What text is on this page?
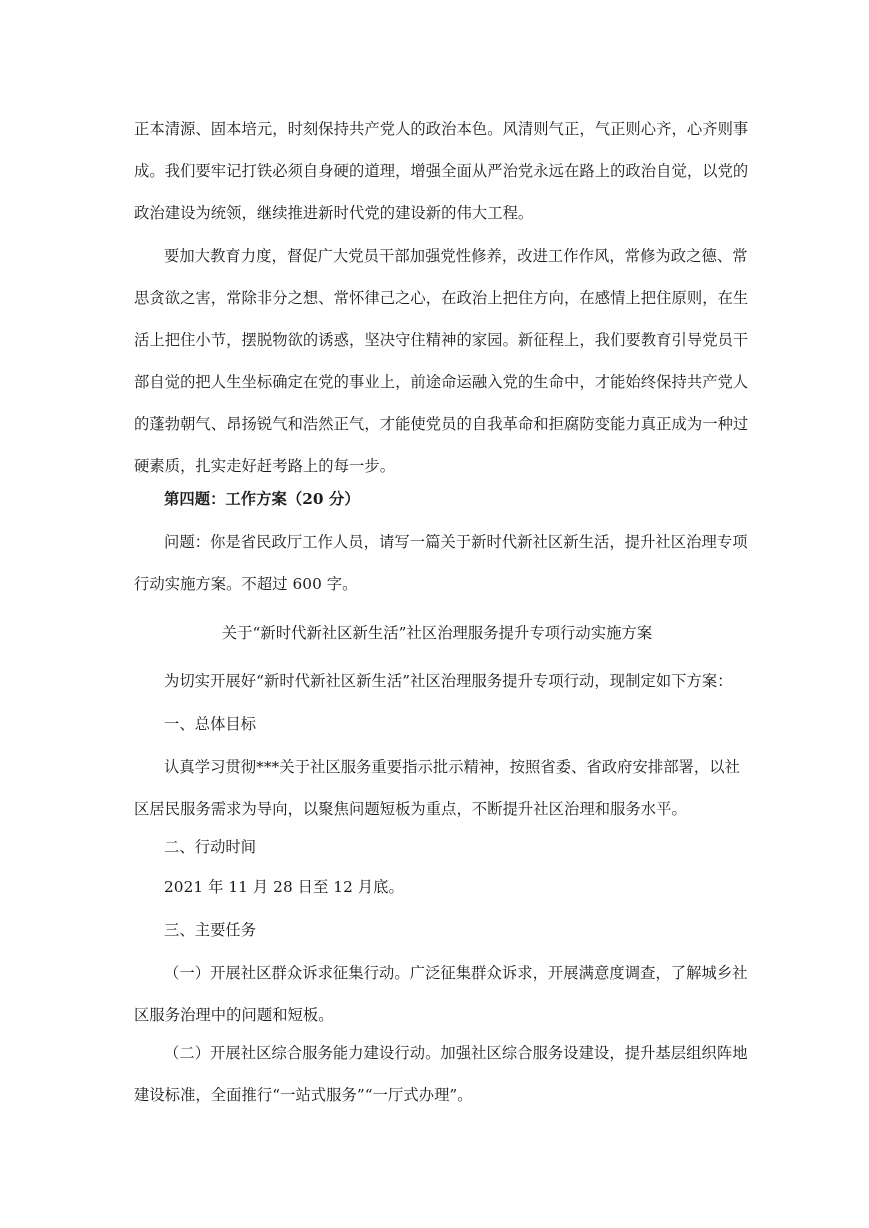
正本清源、固本培元，时刻保持共产党人的政治本色。风清则气正，气正则心齐，心齐则事
成。我们要牢记打铁必须自身硬的道理，增强全面从严治党永远在路上的政治自觉，以党的
政治建设为统领，继续推进新时代党的建设新的伟大工程。
要加大教育力度，督促广大党员干部加强党性修养，改进工作作风，常修为政之德、常
思贪欲之害，常除非分之想、常怀律己之心，在政治上把住方向，在感情上把住原则，在生
活上把住小节，摆脱物欲的诱惑，坚决守住精神的家园。新征程上，我们要教育引导党员干
部自觉的把人生坐标确定在党的事业上，前途命运融入党的生命中，才能始终保持共产党人
的蓬勃朝气、昂扬锐气和浩然正气，才能使党员的自我革命和拒腐防变能力真正成为一种过
硬素质，扎实走好赶考路上的每一步。
第四题：工作方案（20 分）
问题：你是省民政厅工作人员，请写一篇关于新时代新社区新生活，提升社区治理专项
行动实施方案。不超过 600 字。
关于“新时代新社区新生活”社区治理服务提升专项行动实施方案
为切实开展好“新时代新社区新生活”社区治理服务提升专项行动，现制定如下方案：
一、总体目标
认真学习贯彻***关于社区服务重要指示批示精神，按照省委、省政府安排部署，以社
区居民服务需求为导向，以聚焦问题短板为重点，不断提升社区治理和服务水平。
二、行动时间
2021 年 11 月 28 日至 12 月底。
三、主要任务
（一）开展社区群众诉求征集行动。广泛征集群众诉求，开展满意度调查，了解城乡社
区服务治理中的问题和短板。
（二）开展社区综合服务能力建设行动。加强社区综合服务设建设，提升基层组织阵地
建设标准，全面推行“一站式服务”“一厅式办理”。
